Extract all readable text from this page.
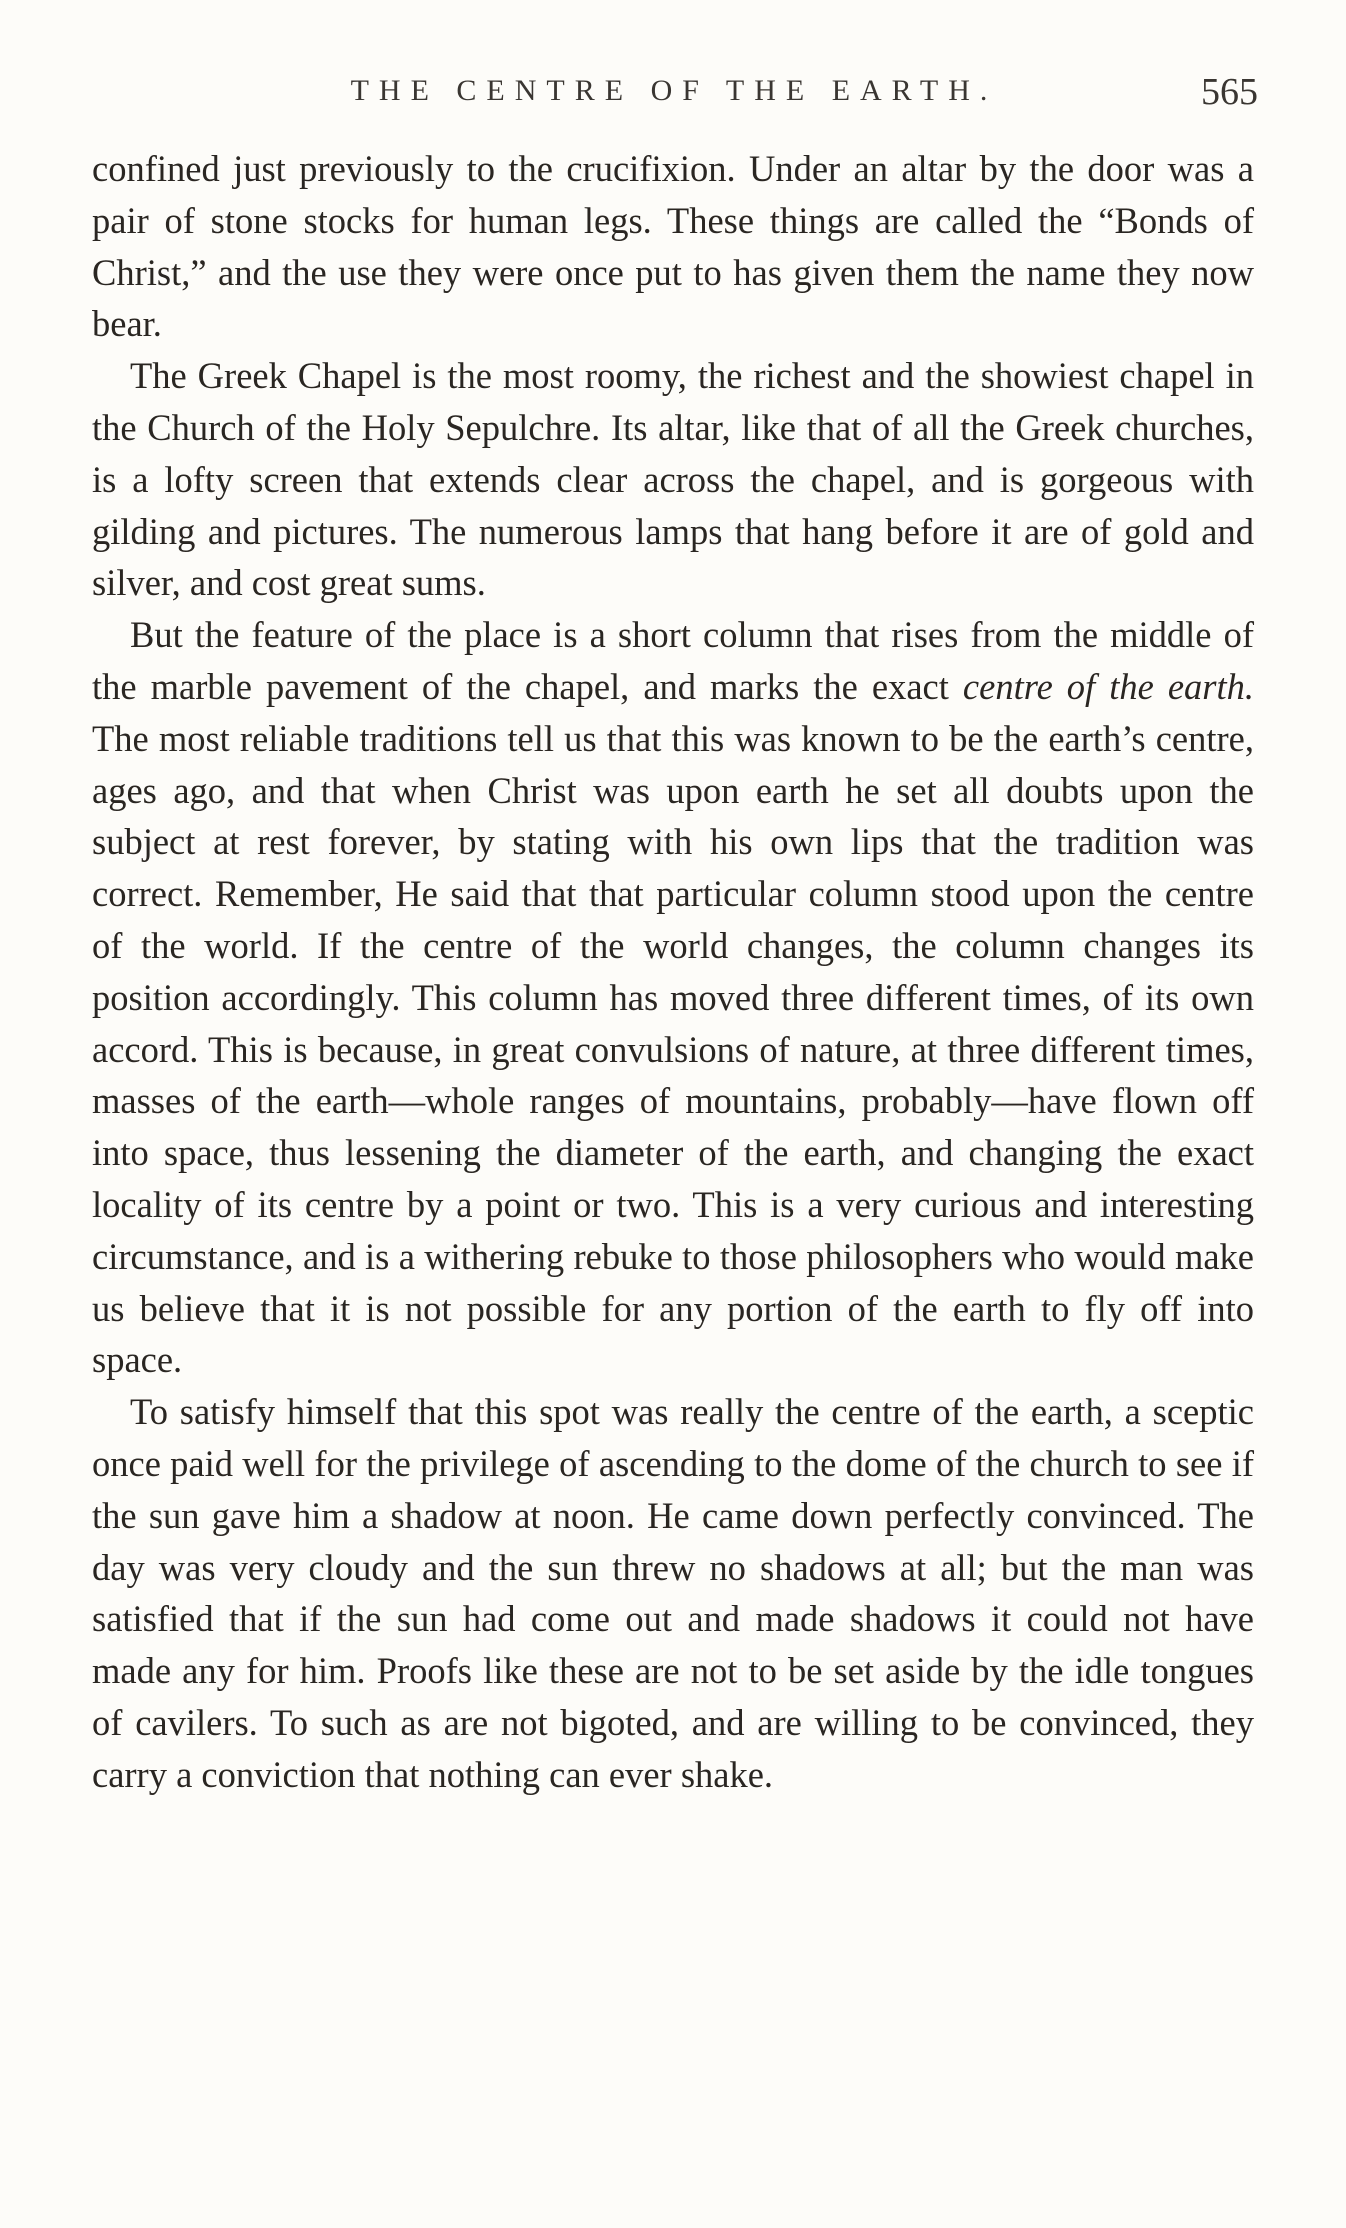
THE CENTRE OF THE EARTH.	565

confined just previously to the crucifixion. Under an altar by the door was a pair of stone stocks for human legs. These things are called the “Bonds of Christ,” and the use they were once put to has given them the name they now bear.

The Greek Chapel is the most roomy, the richest and the showiest chapel in the Church of the Holy Sepulchre. Its altar, like that of all the Greek churches, is a lofty screen that extends clear across the chapel, and is gorgeous with gilding and pictures. The numerous lamps that hang before it are of gold and silver, and cost great sums.

But the feature of the place is a short column that rises from the middle of the marble pavement of the chapel, and marks the exact centre of the earth. The most reliable traditions tell us that this was known to be the earth’s centre, ages ago, and that when Christ was upon earth he set all doubts upon the subject at rest forever, by stating with his own lips that the tradition was correct. Remember, He said that that particular column stood upon the centre of the world. If the centre of the world changes, the column changes its position accordingly. This column has moved three different times, of its own accord. This is because, in great convulsions of nature, at three different times, masses of the earth—whole ranges of mountains, probably—have flown off into space, thus lessening the diameter of the earth, and changing the exact locality of its centre by a point or two. This is a very curious and interesting circumstance, and is a withering rebuke to those philosophers who would make us believe that it is not possible for any portion of the earth to fly off into space.

To satisfy himself that this spot was really the centre of the earth, a sceptic once paid well for the privilege of ascending to the dome of the church to see if the sun gave him a shadow at noon. He came down perfectly convinced. The day was very cloudy and the sun threw no shadows at all; but the man was satisfied that if the sun had come out and made shadows it could not have made any for him. Proofs like these are not to be set aside by the idle tongues of cavilers. To such as are not bigoted, and are willing to be convinced, they carry a conviction that nothing can ever shake.
